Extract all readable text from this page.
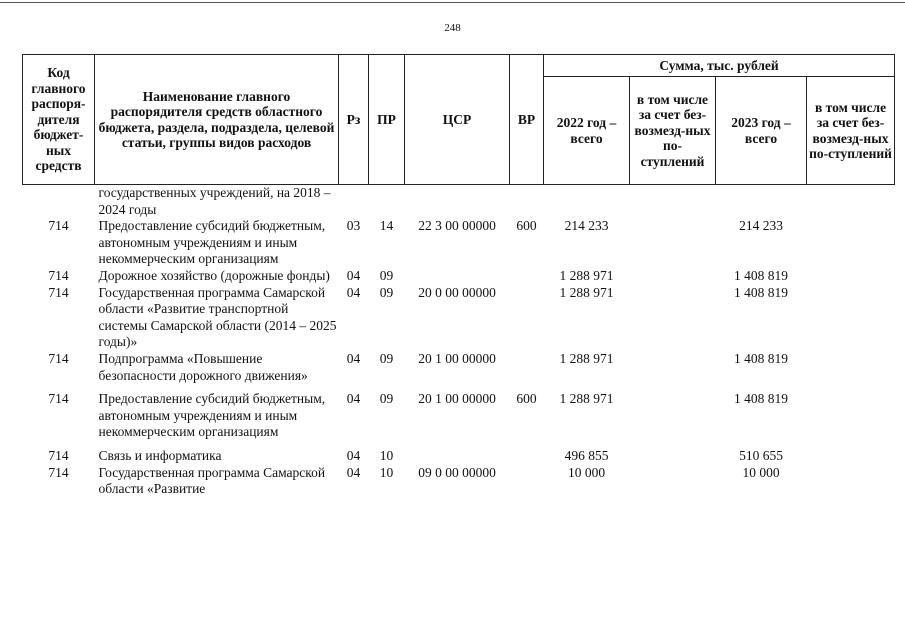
248
Код главного распоря-дителя бюджет-ных средств	Наименование главного распорядителя средств областного бюджета, раздела, подраздела, целевой статьи, группы видов расходов	Рз	ПР	ЦСР	ВР	Сумма, тыс. рублей			
						2022 год – всего	в том числе за счет без-возмезд-ных по-ступлений	2023 год – всего	в том числе за счет без-возмезд-ных по-ступлений
	государственных учреждений, на 2018 – 2024 годы								
714	Предоставление субсидий бюджетным, автономным учреждениям и иным некоммерческим организациям	03	14	22 3 00 00000	600	214 233		214 233	
714	Дорожное хозяйство (дорожные фонды)	04	09			1 288 971		1 408 819	
714	Государственная программа Самарской области «Развитие транспортной системы Самарской области (2014 – 2025 годы)»	04	09	20 0 00 00000		1 288 971		1 408 819	
714	Подпрограмма «Повышение безопасности дорожного движения»	04	09	20 1 00 00000		1 288 971		1 408 819	
714	Предоставление субсидий бюджетным, автономным учреждениям и иным некоммерческим организациям	04	09	20 1 00 00000	600	1 288 971		1 408 819	
714	Связь и информатика	04	10			496 855		510 655	
714	Государственная программа Самарской области «Развитие	04	10	09 0 00 00000		10 000		10 000	
